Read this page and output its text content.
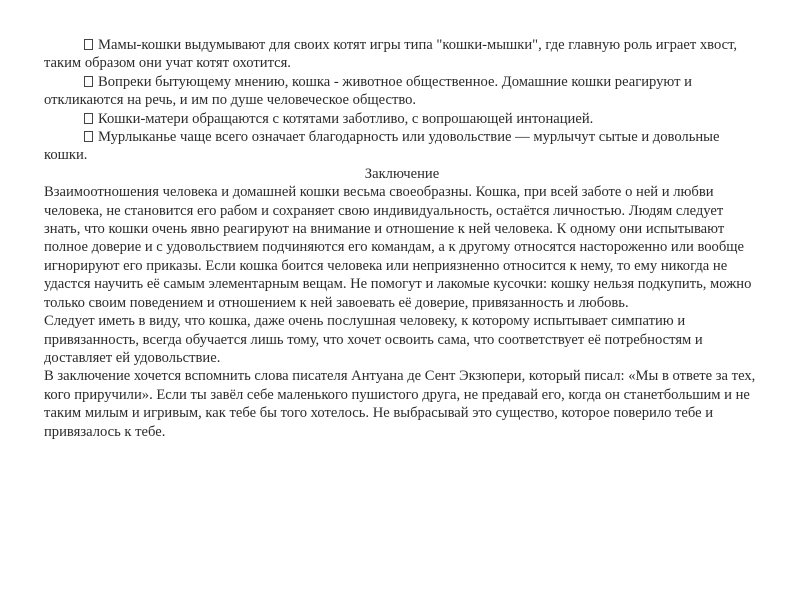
Мамы-кошки выдумывают для своих котят игры типа "кошки-мышки", где главную роль играет хвост, таким образом они учат котят охотится.

Вопреки бытующему мнению, кошка - животное общественное. Домашние кошки реагируют и откликаются на речь, и им по душе человеческое общество.

Кошки-матери обращаются с котятами заботливо, с вопрошающей интонацией.

Мурлыканье чаще всего означает благодарность или удовольствие — мурлычут сытые и довольные кошки.

Заключение

Взаимоотношения человека и домашней кошки весьма своеобразны. Кошка, при всей заботе о ней и любви человека, не становится его рабом и сохраняет свою индивидуальность, остаётся личностью. Людям следует знать, что кошки очень явно реагируют на внимание и отношение к ней человека. К одному они испытывают полное доверие и с удовольствием подчиняются его командам, а к другому относятся настороженно или вообще игнорируют его приказы. Если кошка боится человека или неприязненно относится к нему, то ему никогда не удастся научить её самым элементарным вещам. Не помогут и лакомые кусочки: кошку нельзя подкупить, можно только своим поведением и отношением к ней завоевать её доверие, привязанность и любовь.

Следует иметь в виду, что кошка, даже очень послушная человеку, к которому испытывает симпатию и привязанность, всегда обучается лишь тому, что хочет освоить сама, что соответствует её потребностям и доставляет ей удовольствие.

В заключение хочется вспомнить слова писателя Антуана де Сент Экзюпери, который писал: «Мы в ответе за тех, кого приручили». Если ты завёл себе маленького пушистого друга, не предавай его, когда он станетбольшим и не таким милым и игривым, как тебе бы того хотелось. Не выбрасывай это существо, которое поверило тебе и привязалось к тебе.
